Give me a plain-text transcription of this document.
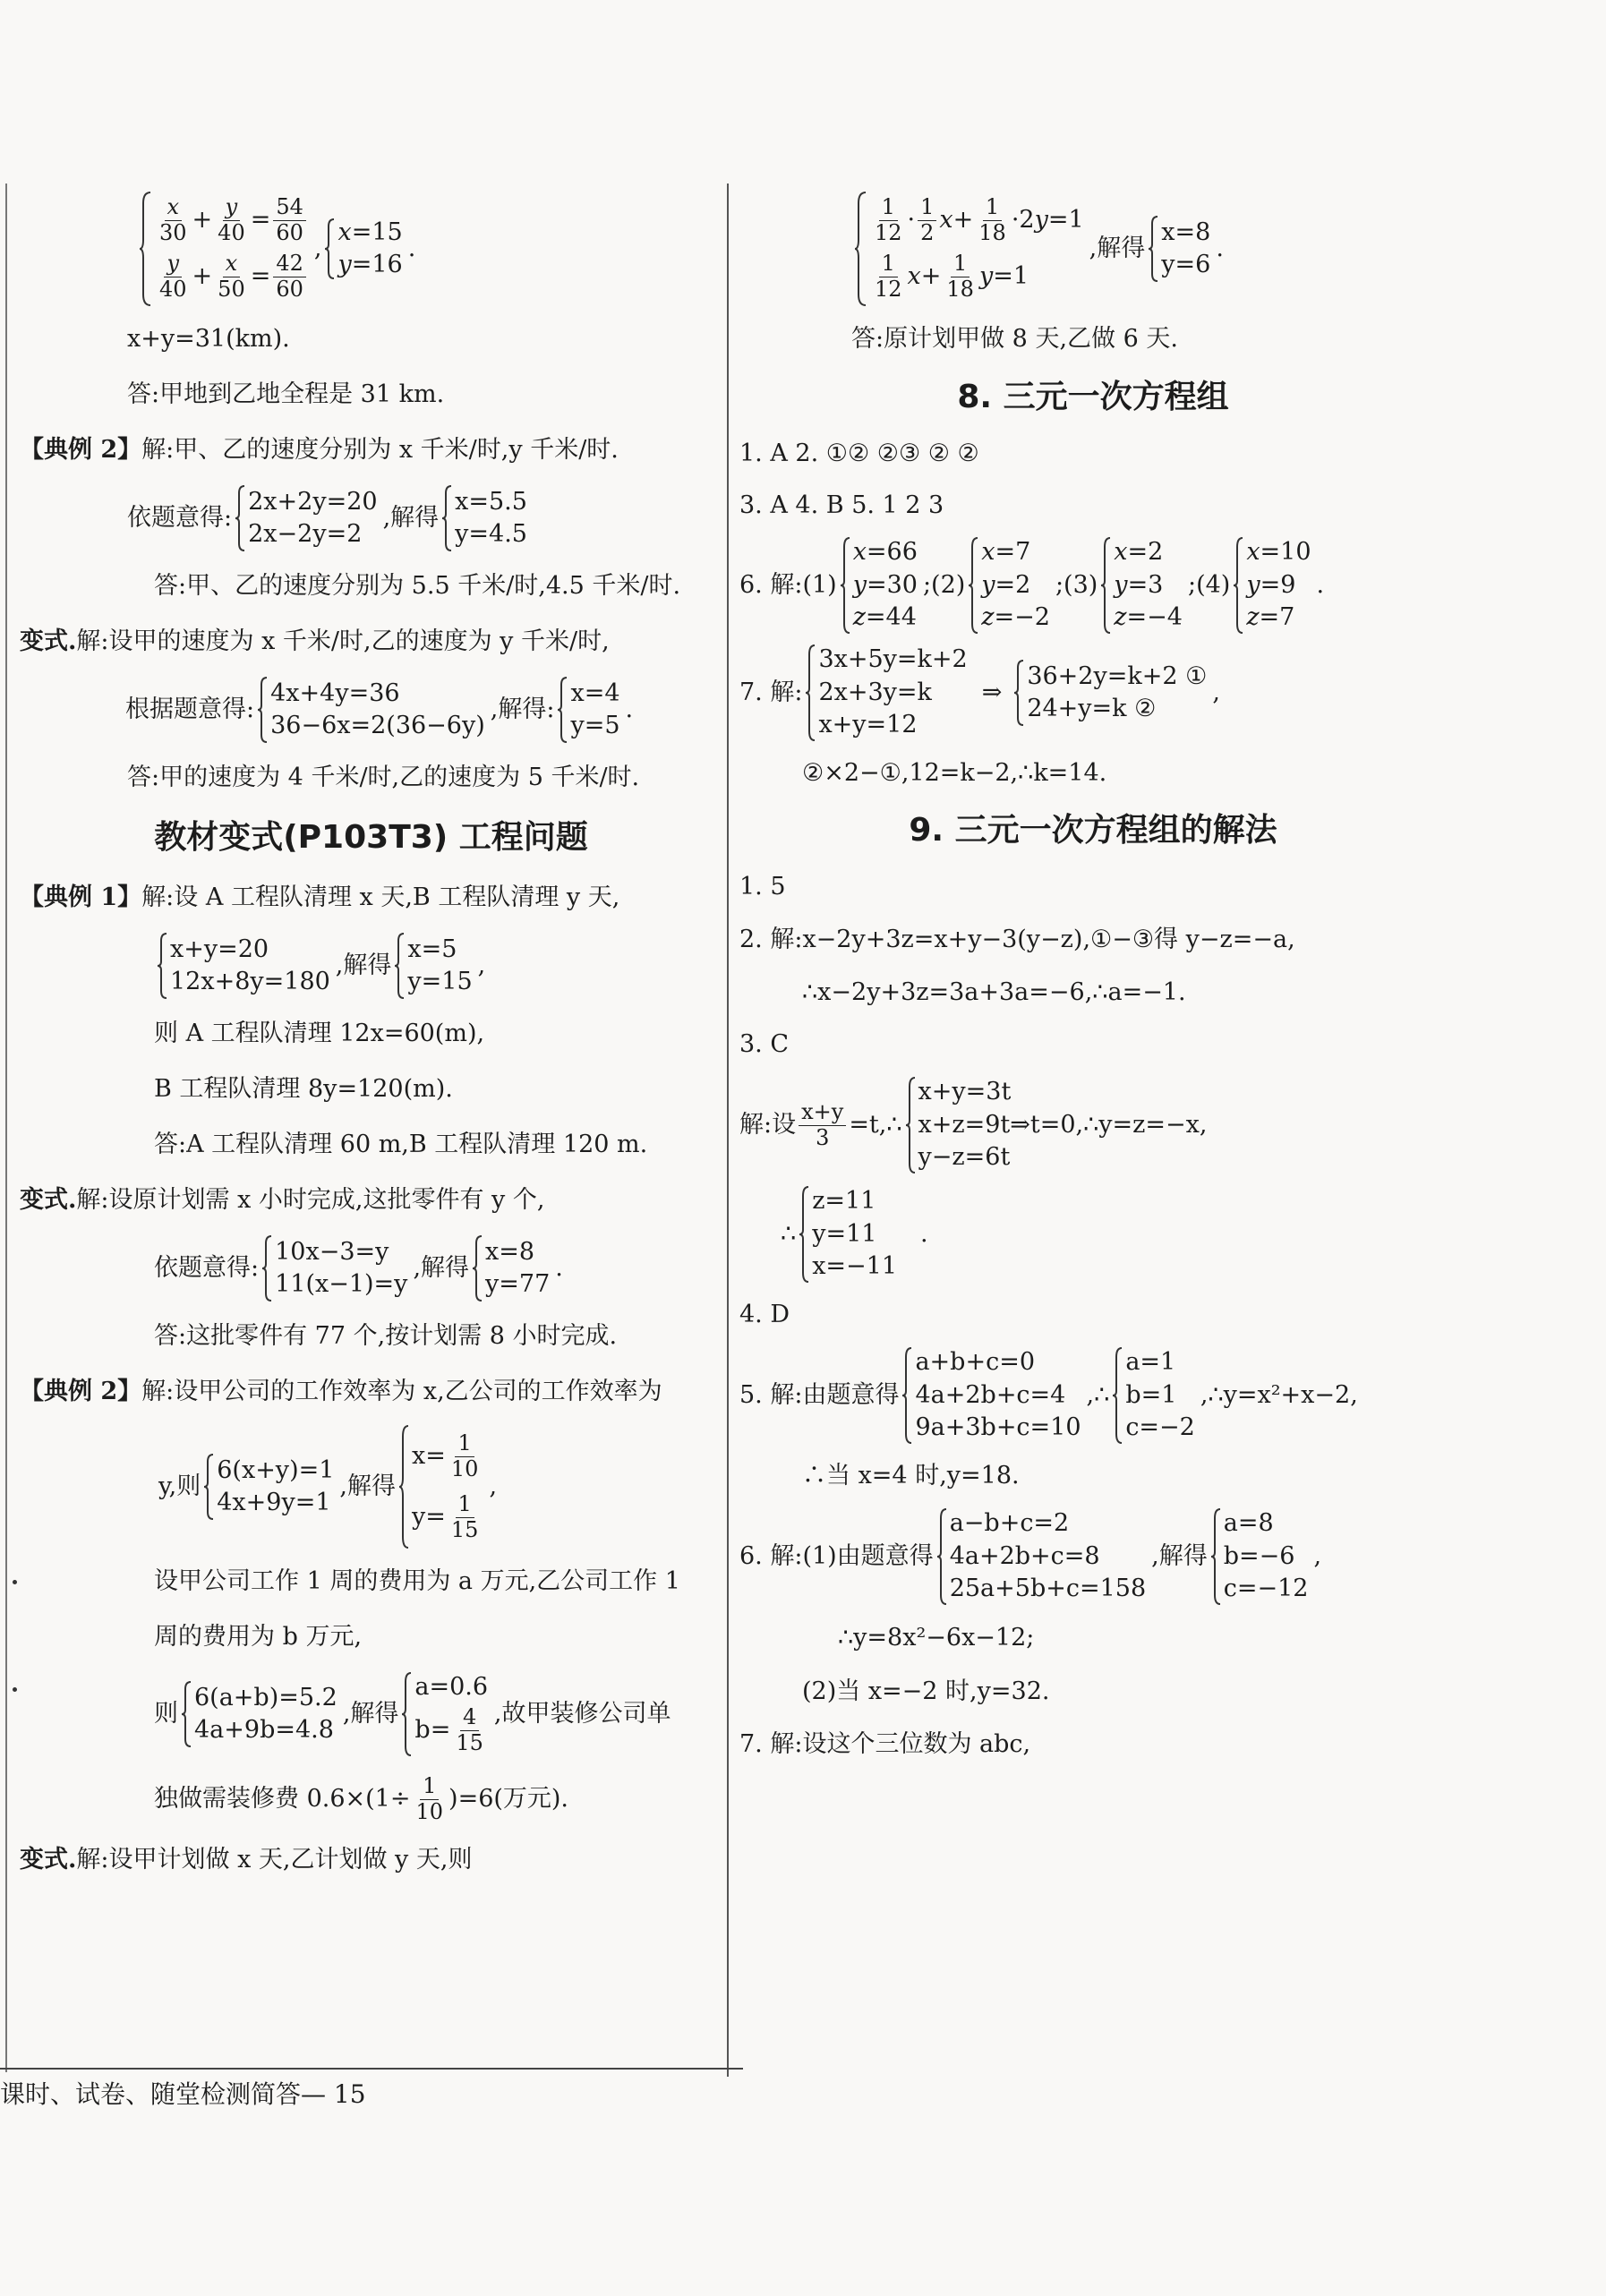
$\frac{x}{30} + \frac{y}{40} = \frac{54}{60}$
$\frac{y}{40} + \frac{x}{50} = \frac{42}{60}$
,
x=15
y=16
.
x+y=31(km).
答:甲地到乙地全程是 31 km.
【典例 2】 解:甲、乙的速度分别为 x 千米/时,y 千米/时.
依题意得:
2x+2y=20
2x−2y=2
,解得
x=5.5
y=4.5
答:甲、乙的速度分别为 5.5 千米/时,4.5 千米/时.
变式. 解:设甲的速度为 x 千米/时,乙的速度为 y 千米/时,
根据题意得:
4x+4y=36
36−6x=2(36−6y)
,解得:
x=4
y=5
.
答:甲的速度为 4 千米/时,乙的速度为 5 千米/时.
教材变式(P103T3) 工程问题
【典例 1】 解:设 A 工程队清理 x 天,B 工程队清理 y 天,
x+y=20
12x+8y=180
,解得
x=5
y=15
,
则 A 工程队清理 12x=60(m),
B 工程队清理 8y=120(m).
答:A 工程队清理 60 m,B 工程队清理 120 m.
变式. 解:设原计划需 x 小时完成,这批零件有 y 个,
依题意得:
10x−3=y
11(x−1)=y
,解得
x=8
y=77
.
答:这批零件有 77 个,按计划需 8 小时完成.
【典例 2】 解:设甲公司的工作效率为 x,乙公司的工作效率为
y,则
6(x+y)=1
4x+9y=1
,解得
$x= \frac{1}{10}$
$y= \frac{1}{15}$
,
设甲公司工作 1 周的费用为 a 万元,乙公司工作 1
周的费用为 b 万元,
则
6(a+b)=5.2
4a+9b=4.8
,解得
a=0.6
$b= \frac{4}{15}$ ,故甲装修公司单
独做需装修费 $0.6\times(1\div \frac{1}{10} )=6$(万元).
变式. 解:设甲计划做 x 天,乙计划做 y 天,则
$\frac{1}{12} \cdot \frac{1}{2}$ $x + \frac{1}{18} \cdot 2$ y =1
$\frac{1}{12}$ $x + \frac{1}{18}$ y =1
,解得
x=8
y=6
.
答:原计划甲做 8 天,乙做 6 天.
8. 三元一次方程组
1. A 2. ①② ②③ ② ②
3. A 4. B 5. 1 2 3
6. 解:(1)
x=66
y=30
z=44
;(2)
x=7
y=2
z=−2
;(3)
x=2
y=3
z=−4
;(4)
x=10
y=9
z=7
.
7. 解:
3x+5y=k+2
2x+3y=k
x+y=12
⇒
36+2y=k+2 ①
24+y=k ②
,
②×2−①,12=k−2,∴k=14.
9. 三元一次方程组的解法
1. 5
2. 解:x−2y+3z=x+y−3(y−z),①−③得 y−z=−a,
∴x−2y+3z=3a+3a=−6,∴a=−1.
3. C
解:设 $\frac{x+y}{3}$ =t,∴
x+y=3t
x+z=9t⇒t=0,∴y=z=−x,
y−z=6t
∴
z=11
y=11
x=−11
.
4. D
5. 解:由题意得
a+b+c=0
4a+2b+c=4
9a+3b+c=10
,∴
a=1
b=1
c=−2
,∴y=x²+x−2,
∴当 x=4 时,y=18.
6. 解:(1)由题意得
a−b+c=2
4a+2b+c=8
25a+5b+c=158
,解得
a=8
b=−6
c=−12
,
∴y=8x²−6x−12;
(2)当 x=−2 时,y=32.
7. 解:设这个三位数为 abc,
课时、试卷、随堂检测简答— 15
